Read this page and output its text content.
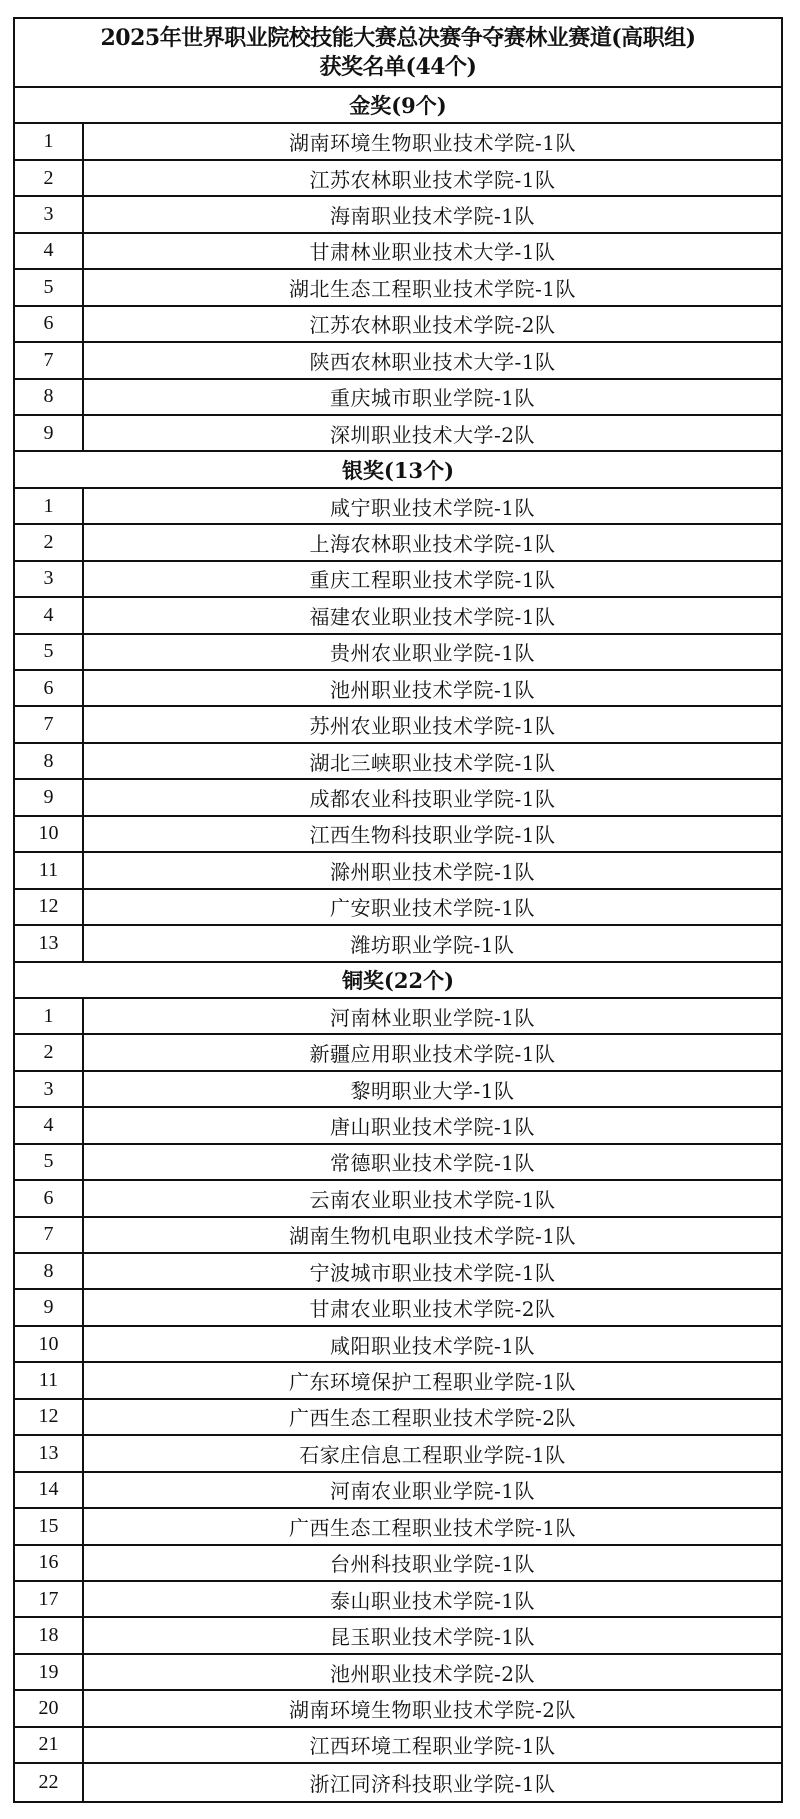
2025年世界职业院校技能大赛总决赛争夺赛林业赛道(高职组)
获奖名单(44个)
金奖(9个)
1	湖南环境生物职业技术学院-1队
2	江苏农林职业技术学院-1队
3	海南职业技术学院-1队
4	甘肃林业职业技术大学-1队
5	湖北生态工程职业技术学院-1队
6	江苏农林职业技术学院-2队
7	陕西农林职业技术大学-1队
8	重庆城市职业学院-1队
9	深圳职业技术大学-2队
银奖(13个)
1	咸宁职业技术学院-1队
2	上海农林职业技术学院-1队
3	重庆工程职业技术学院-1队
4	福建农业职业技术学院-1队
5	贵州农业职业学院-1队
6	池州职业技术学院-1队
7	苏州农业职业技术学院-1队
8	湖北三峡职业技术学院-1队
9	成都农业科技职业学院-1队
10	江西生物科技职业学院-1队
11	滁州职业技术学院-1队
12	广安职业技术学院-1队
13	潍坊职业学院-1队
铜奖(22个)
1	河南林业职业学院-1队
2	新疆应用职业技术学院-1队
3	黎明职业大学-1队
4	唐山职业技术学院-1队
5	常德职业技术学院-1队
6	云南农业职业技术学院-1队
7	湖南生物机电职业技术学院-1队
8	宁波城市职业技术学院-1队
9	甘肃农业职业技术学院-2队
10	咸阳职业技术学院-1队
11	广东环境保护工程职业学院-1队
12	广西生态工程职业技术学院-2队
13	石家庄信息工程职业学院-1队
14	河南农业职业学院-1队
15	广西生态工程职业技术学院-1队
16	台州科技职业学院-1队
17	泰山职业技术学院-1队
18	昆玉职业技术学院-1队
19	池州职业技术学院-2队
20	湖南环境生物职业技术学院-2队
21	江西环境工程职业学院-1队
22	浙江同济科技职业学院-1队
